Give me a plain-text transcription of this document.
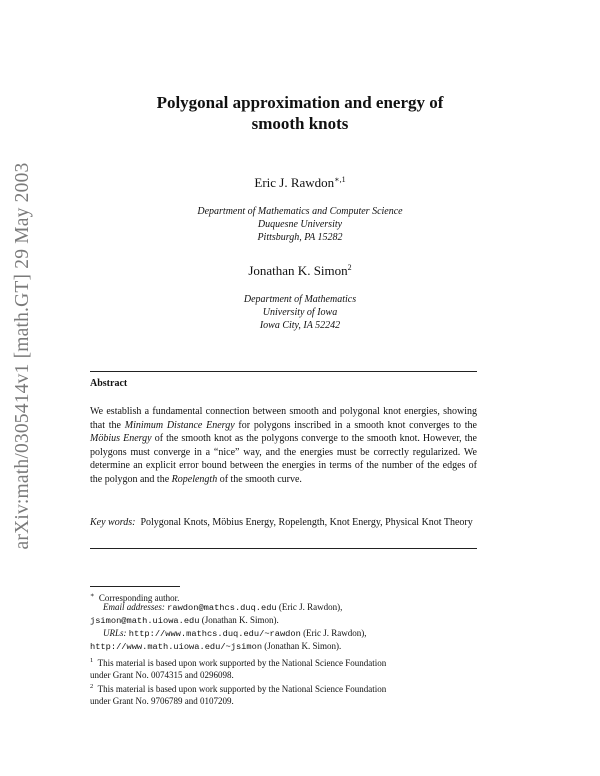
arXiv:math/0305414v1 [math.GT] 29 May 2003
Polygonal approximation and energy of
smooth knots
Eric J. Rawdon$^{∗,1}$
Department of Mathematics and Computer Science
Duquesne University
Pittsburgh, PA 15282
Jonathan K. Simon$^2$
Department of Mathematics
University of Iowa
Iowa City, IA 52242
Abstract
We establish a fundamental connection between smooth and polygonal knot energies, showing that the Minimum Distance Energy for polygons inscribed in a smooth knot converges to the Möbius Energy of the smooth knot as the polygons converge to the smooth knot. However, the polygons must converge in a “nice” way, and the energies must be correctly regularized. We determine an explicit error bound between the energies in terms of the number of the edges of the polygon and the Ropelength of the smooth curve.
Key words: Polygonal Knots, Möbius Energy, Ropelength, Knot Energy, Physical Knot Theory
∗ Corresponding author.
Email addresses: rawdon@mathcs.duq.edu (Eric J. Rawdon),
jsimon@math.uiowa.edu (Jonathan K. Simon).
URLs: http://www.mathcs.duq.edu/~rawdon (Eric J. Rawdon),
http://www.math.uiowa.edu/~jsimon (Jonathan K. Simon).
$^1$ This material is based upon work supported by the National Science Foundation
under Grant No. 0074315 and 0296098.
$^2$ This material is based upon work supported by the National Science Foundation
under Grant No. 9706789 and 0107209.
